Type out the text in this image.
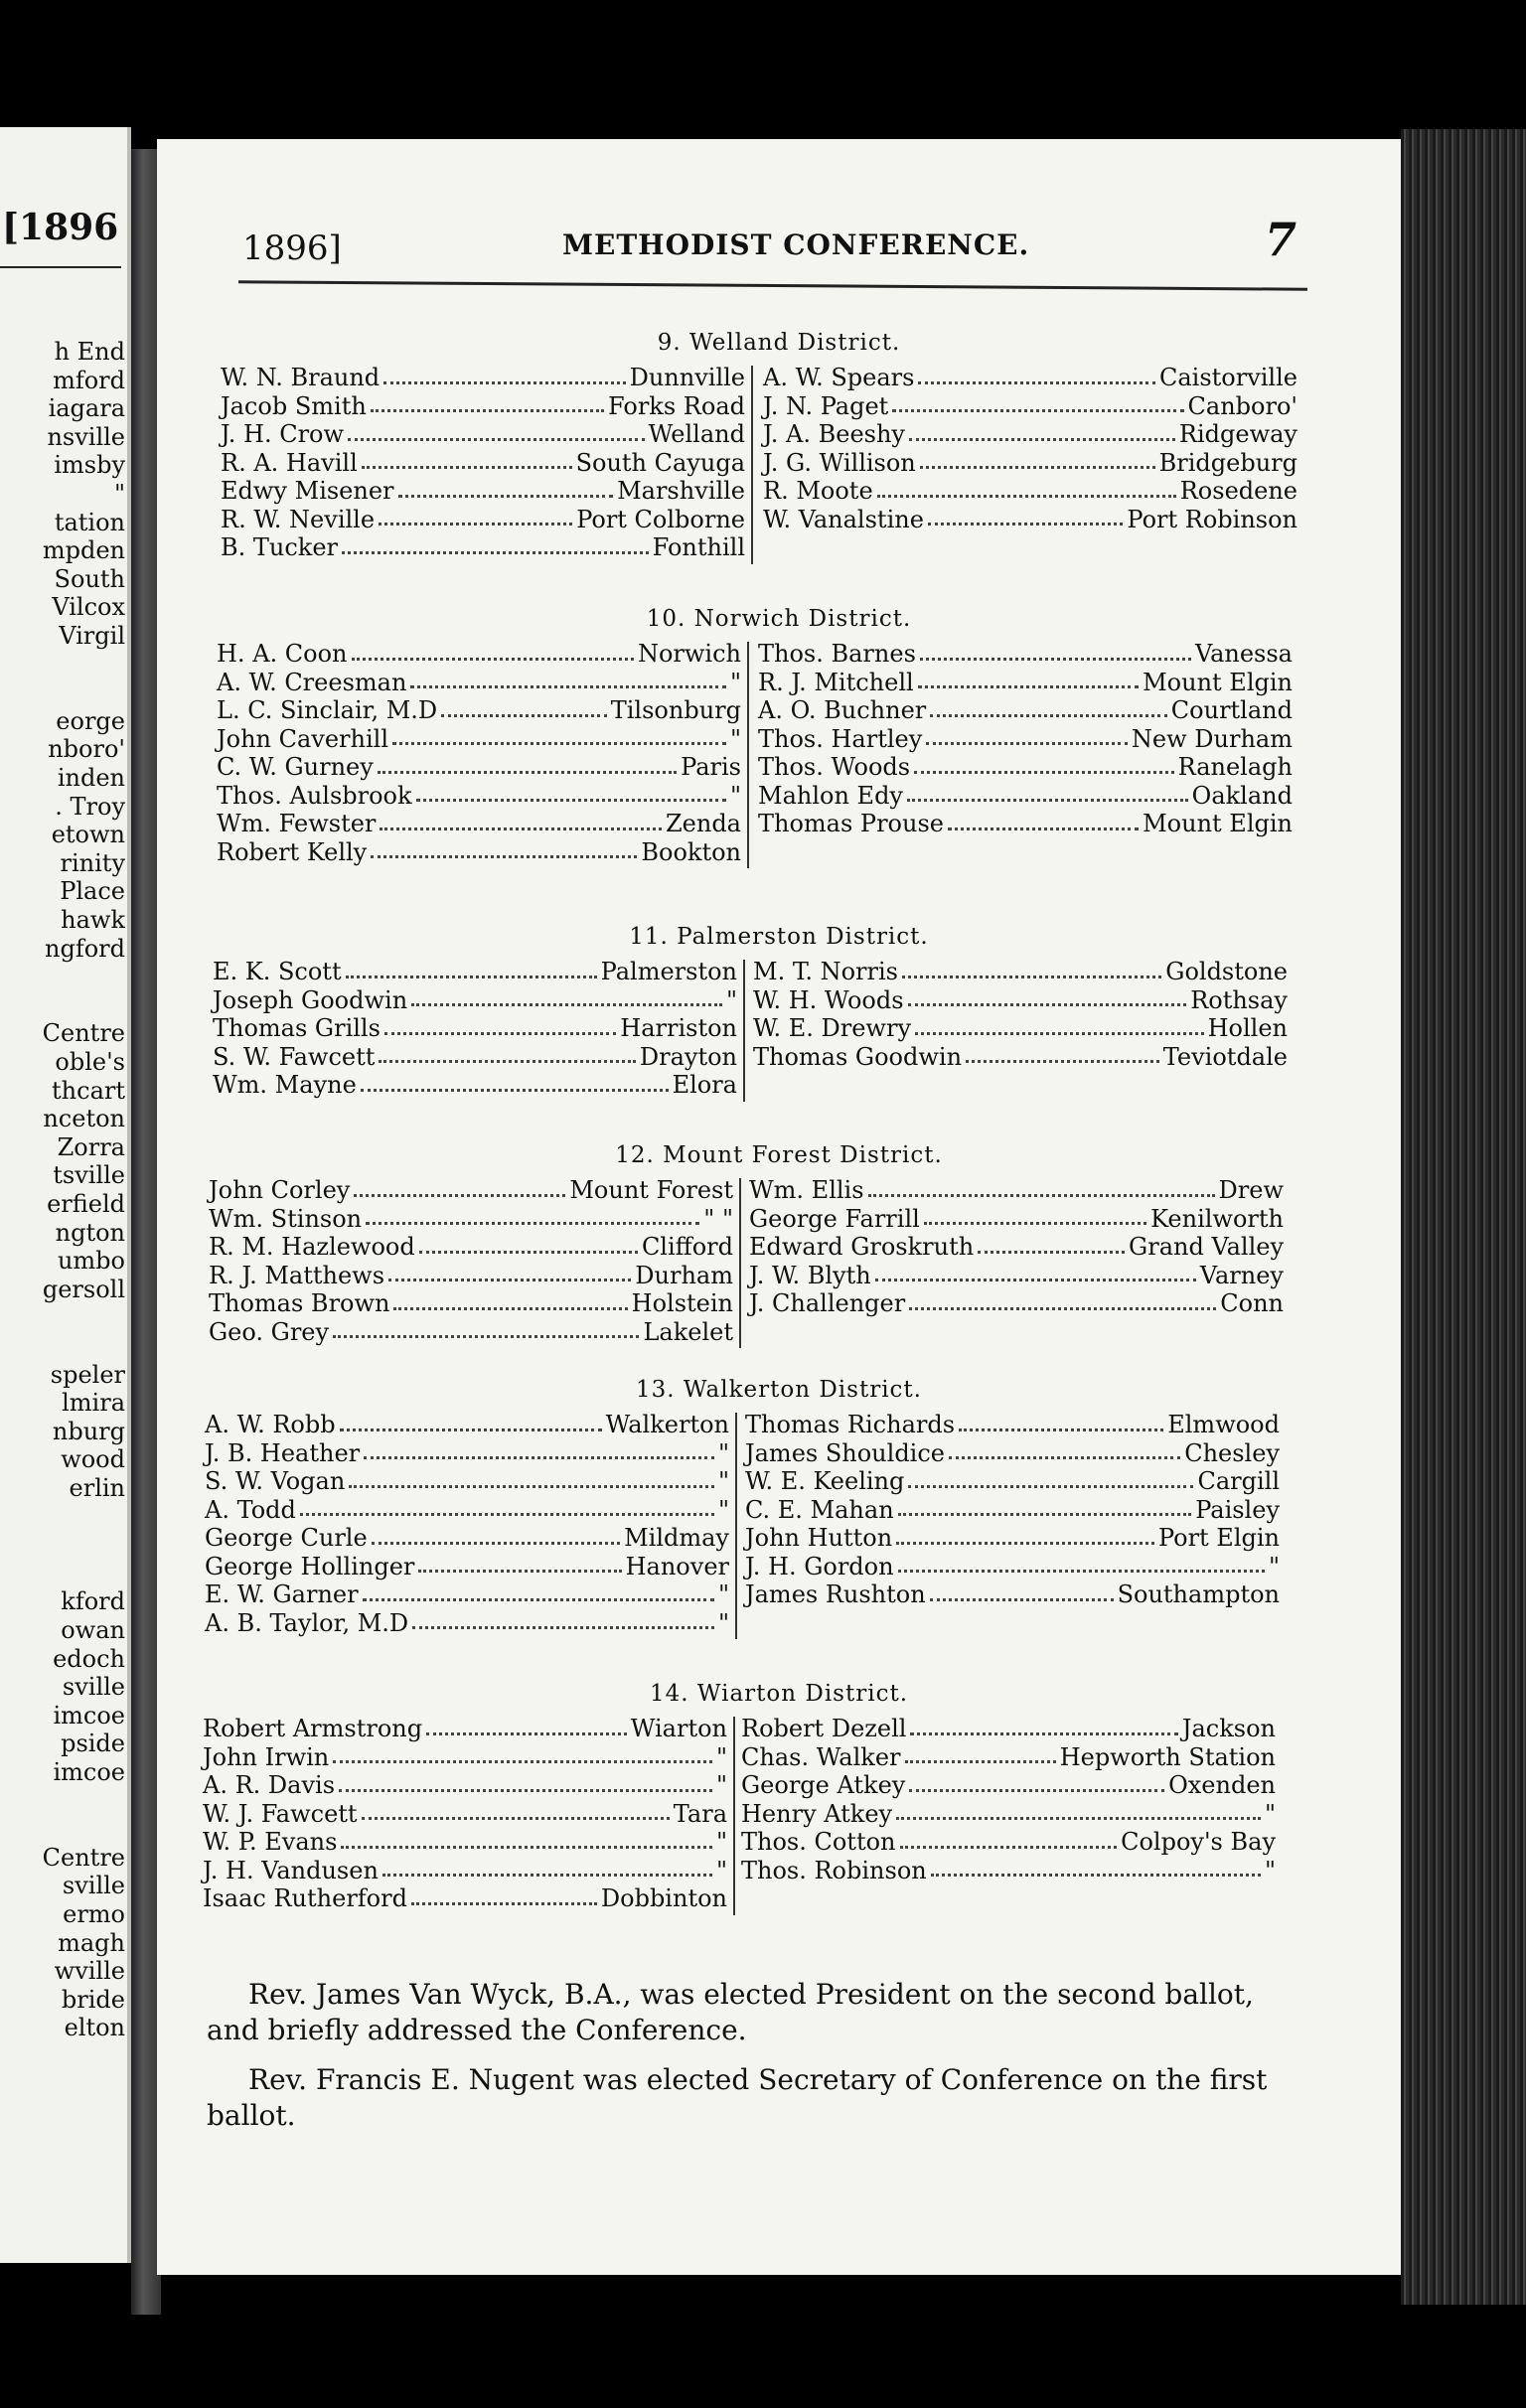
[1896
h End
mford
iagara
nsville
imsby
"
tation
mpden
South
Vilcox
Virgil
eorge
nboro'
inden
. Troy
etown
rinity
Place
hawk
ngford
Centre
oble's
thcart
nceton
Zorra
tsville
erfield
ngton
umbo
gersoll
speler
lmira
nburg
wood
erlin
kford
owan
edoch
sville
imcoe
pside
imcoe
Centre
sville
ermo
magh
wville
bride
elton
1896]	METHODIST CONFERENCE.	7
9. Welland District.
W. N. Braund	Dunnville
Jacob Smith	Forks Road
J. H. Crow	Welland
R. A. Havill	South Cayuga
Edwy Misener	Marshville
R. W. Neville	Port Colborne
B. Tucker	Fonthill
A. W. Spears	Caistorville
J. N. Paget	Canboro'
J. A. Beeshy	Ridgeway
J. G. Willison	Bridgeburg
R. Moote	Rosedene
W. Vanalstine	Port Robinson
10. Norwich District.
H. A. Coon	Norwich
A. W. Creesman	"
L. C. Sinclair, M.D	Tilsonburg
John Caverhill	"
C. W. Gurney	Paris
Thos. Aulsbrook	"
Wm. Fewster	Zenda
Robert Kelly	Bookton
Thos. Barnes	Vanessa
R. J. Mitchell	Mount Elgin
A. O. Buchner	Courtland
Thos. Hartley	New Durham
Thos. Woods	Ranelagh
Mahlon Edy	Oakland
Thomas Prouse	Mount Elgin
11. Palmerston District.
E. K. Scott	Palmerston
Joseph Goodwin	"
Thomas Grills	Harriston
S. W. Fawcett	Drayton
Wm. Mayne	Elora
M. T. Norris	Goldstone
W. H. Woods	Rothsay
W. E. Drewry	Hollen
Thomas Goodwin	Teviotdale
12. Mount Forest District.
John Corley	Mount Forest
Wm. Stinson	" "
R. M. Hazlewood	Clifford
R. J. Matthews	Durham
Thomas Brown	Holstein
Geo. Grey	Lakelet
Wm. Ellis	Drew
George Farrill	Kenilworth
Edward Groskruth	Grand Valley
J. W. Blyth	Varney
J. Challenger	Conn
13. Walkerton District.
A. W. Robb	Walkerton
J. B. Heather	"
S. W. Vogan	"
A. Todd	"
George Curle	Mildmay
George Hollinger	Hanover
E. W. Garner	"
A. B. Taylor, M.D	"
Thomas Richards	Elmwood
James Shouldice	Chesley
W. E. Keeling	Cargill
C. E. Mahan	Paisley
John Hutton	Port Elgin
J. H. Gordon	"
James Rushton	Southampton
14. Wiarton District.
Robert Armstrong	Wiarton
John Irwin	"
A. R. Davis	"
W. J. Fawcett	Tara
W. P. Evans	"
J. H. Vandusen	"
Isaac Rutherford	Dobbinton
Robert Dezell	Jackson
Chas. Walker	Hepworth Station
George Atkey	Oxenden
Henry Atkey	"
Thos. Cotton	Colpoy's Bay
Thos. Robinson	"
Rev. James Van Wyck, B.A., was elected President on the second ballot, and briefly addressed the Conference.
Rev. Francis E. Nugent was elected Secretary of Conference on the first ballot.
